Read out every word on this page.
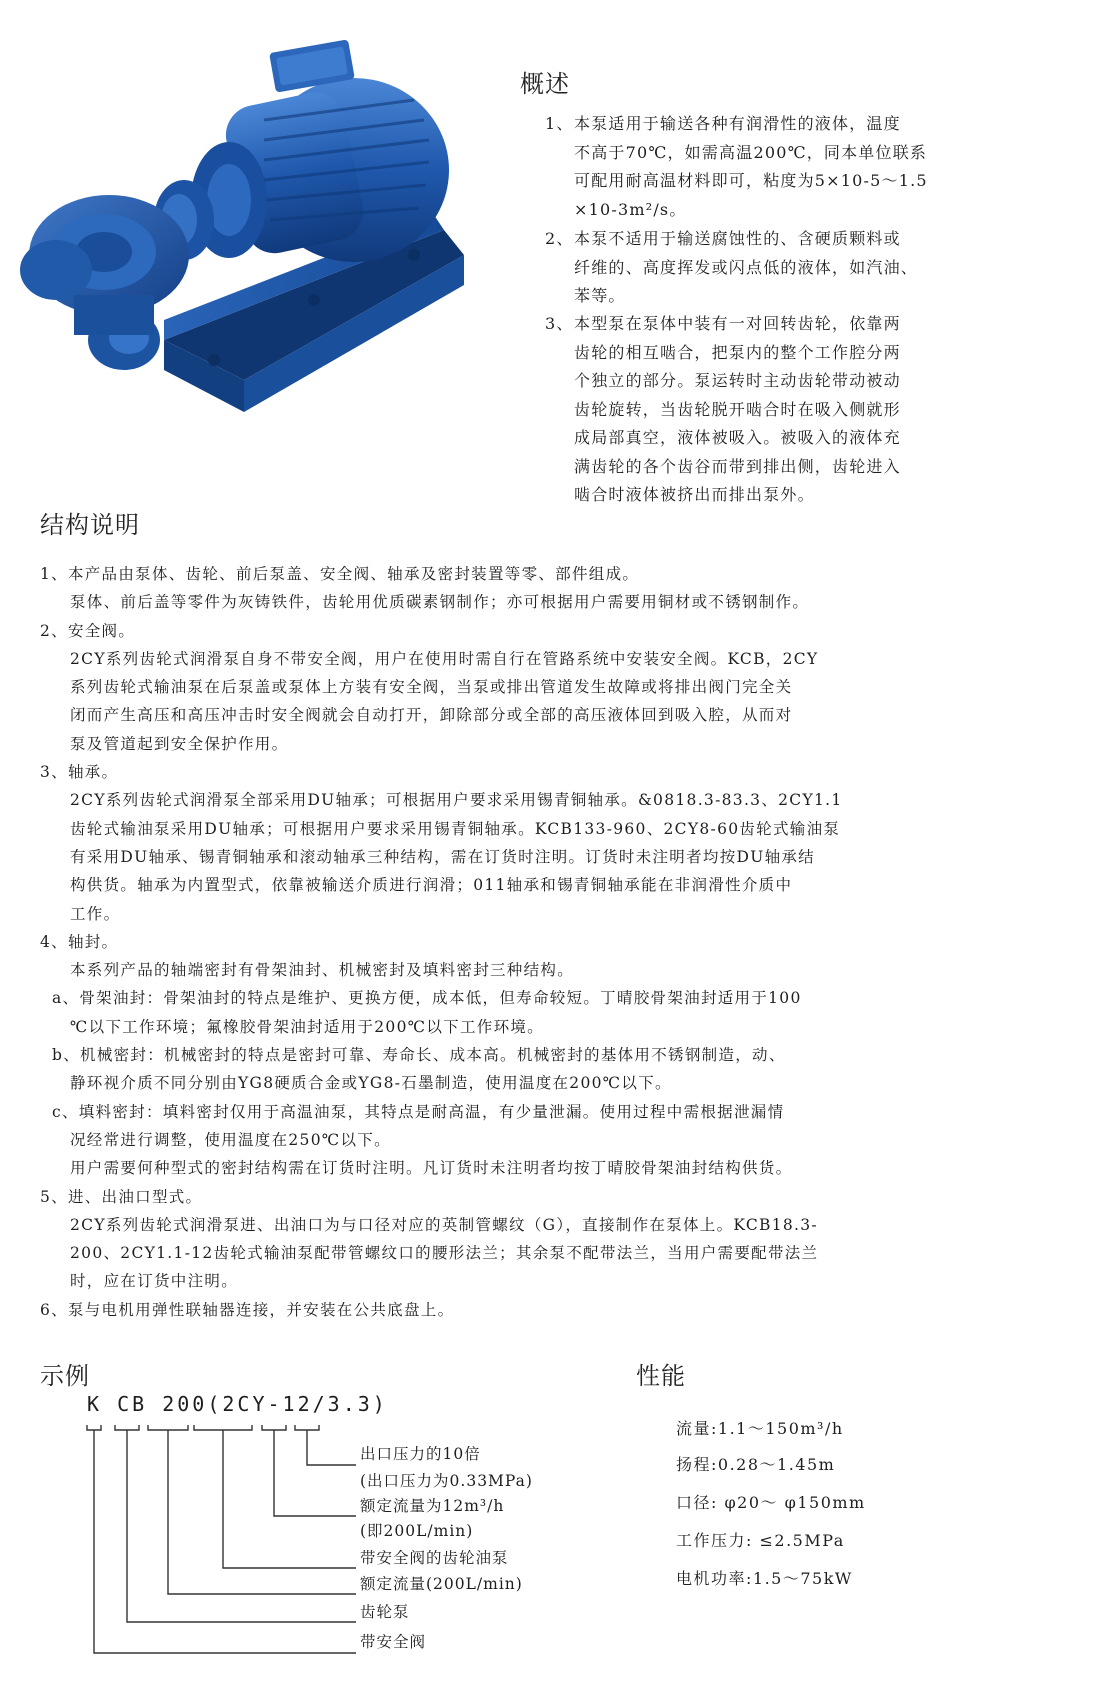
概述
1、 本泵适用于输送各种有润滑性的液体，温度
不高于70℃，如需高温200℃，同本单位联系
可配用耐高温材料即可，粘度为5×10-5～1.5
×10-3m²/s。
2、 本泵不适用于输送腐蚀性的、含硬质颗料或
纤维的、高度挥发或闪点低的液体，如汽油、
苯等。
3、 本型泵在泵体中装有一对回转齿轮，依靠两
齿轮的相互啮合，把泵内的整个工作腔分两
个独立的部分。泵运转时主动齿轮带动被动
齿轮旋转，当齿轮脱开啮合时在吸入侧就形
成局部真空，液体被吸入。被吸入的液体充
满齿轮的各个齿谷而带到排出侧，齿轮进入
啮合时液体被挤出而排出泵外。
结构说明
1、本产品由泵体、齿轮、前后泵盖、安全阀、轴承及密封装置等零、部件组成。
泵体、前后盖等零件为灰铸铁件，齿轮用优质碳素钢制作；亦可根据用户需要用铜材或不锈钢制作。
2、安全阀。
2CY系列齿轮式润滑泵自身不带安全阀，用户在使用时需自行在管路系统中安装安全阀。KCB，2CY
系列齿轮式输油泵在后泵盖或泵体上方装有安全阀，当泵或排出管道发生故障或将排出阀门完全关
闭而产生高压和高压冲击时安全阀就会自动打开，卸除部分或全部的高压液体回到吸入腔，从而对
泵及管道起到安全保护作用。
3、轴承。
2CY系列齿轮式润滑泵全部采用DU轴承；可根据用户要求采用锡青铜轴承。&0818.3-83.3、2CY1.1
齿轮式输油泵采用DU轴承；可根据用户要求采用锡青铜轴承。KCB133-960、2CY8-60齿轮式输油泵
有采用DU轴承、锡青铜轴承和滚动轴承三种结构，需在订货时注明。订货时未注明者均按DU轴承结
构供货。轴承为内置型式，依靠被输送介质进行润滑；011轴承和锡青铜轴承能在非润滑性介质中
工作。
4、轴封。
本系列产品的轴端密封有骨架油封、机械密封及填料密封三种结构。
a、骨架油封：骨架油封的特点是维护、更换方便，成本低，但寿命较短。丁晴胶骨架油封适用于100
℃以下工作环境；氟橡胶骨架油封适用于200℃以下工作环境。
b、机械密封：机械密封的特点是密封可靠、寿命长、成本高。机械密封的基体用不锈钢制造，动、
静环视介质不同分别由YG8硬质合金或YG8-石墨制造，使用温度在200℃以下。
c、填料密封：填料密封仅用于高温油泵，其特点是耐高温，有少量泄漏。使用过程中需根据泄漏情
况经常进行调整，使用温度在250℃以下。
用户需要何种型式的密封结构需在订货时注明。凡订货时未注明者均按丁晴胶骨架油封结构供货。
5、进、出油口型式。
2CY系列齿轮式润滑泵进、出油口为与口径对应的英制管螺纹（G），直接制作在泵体上。KCB18.3-
200、2CY1.1-12齿轮式输油泵配带管螺纹口的腰形法兰；其余泵不配带法兰，当用户需要配带法兰
时，应在订货中注明。
6、泵与电机用弹性联轴器连接，并安装在公共底盘上。
示例
K CB 200(2CY-12/3.3)
出口压力的10倍
(出口压力为0.33MPa)
额定流量为12m³/h
(即200L/min)
带安全阀的齿轮油泵
额定流量(200L/min)
齿轮泵
带安全阀
性能
流量:1.1～150m³/h
扬程:0.28～1.45m
口径: φ20～ φ150mm
工作压力: ≤2.5MPa
电机功率:1.5～75kW
